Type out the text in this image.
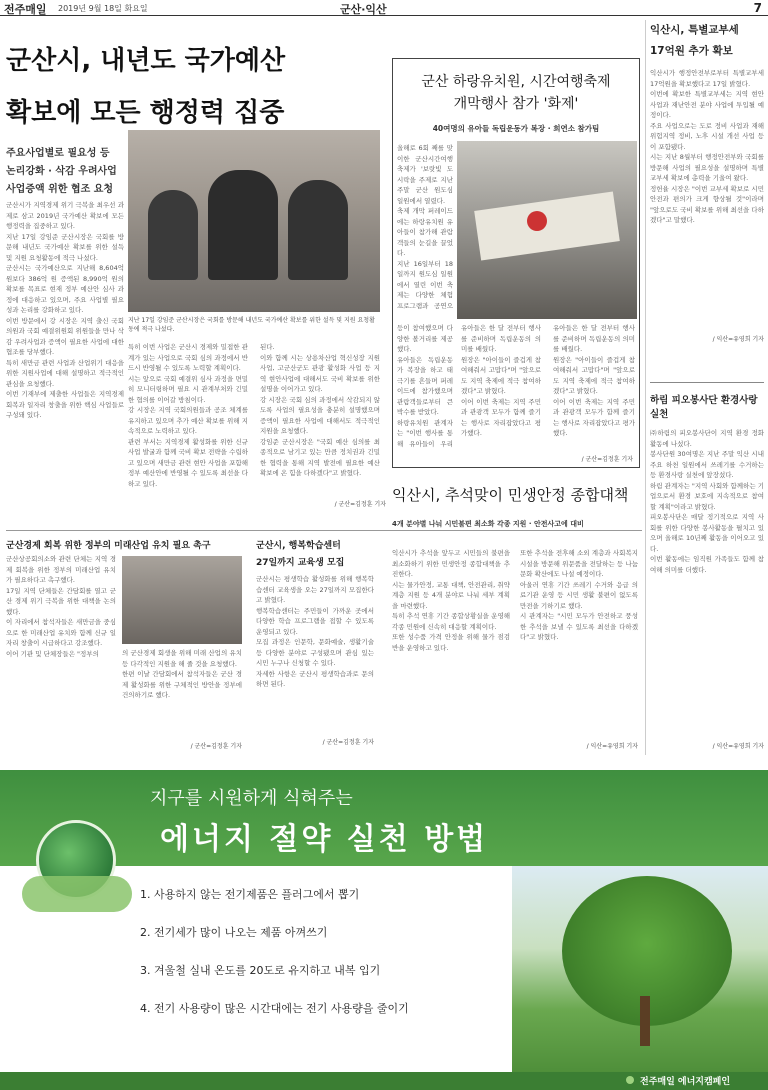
전주매일 2019년 9월 18일 화요일	군산·익산	7
군산시, 내년도 국가예산
확보에 모든 행정력 집중
주요사업별로 필요성 등
논리강화 · 삭감 우려사업
사업증액 위한 협조 요청
군산시가 지역경제 위기 극복을 최우선 과제로 삼고 2019년 국가예산 확보에 모든 행정력을 집중하고 있다.
지난 17일 강임준 군산시장은 국회를 방문해 내년도 국가예산 확보를 위한 설득 및 지원 요청활동에 적극 나섰다.
군산시는 국가예산으로 지난해 8,604억 원보다 386억 원 증액된 8,990억 원의 확보를 목표로 현재 정부 예산안 심사 과정에 대응하고 있으며, 주요 사업별 필요성과 논리를 강화하고 있다.
이번 방문에서 강 시장은 지역 출신 국회의원과 국회 예결위원회 위원들을 만나 삭감 우려사업과 증액이 필요한 사업에 대한 협조를 당부했다.
특히 새만금 관련 사업과 산업위기 대응을 위한 지원사업에 대해 설명하고 적극적인 관심을 요청했다.
이번 기재부에 제출한 사업들은 지역경제 회복과 일자리 창출을 위한 핵심 사업들로 구성돼 있다.
지난 17일 강임준 군산시장은 국회를 방문해 내년도 국가예산 확보를 위한 설득 및 지원 요청활동에 적극 나섰다.
특히 이번 사업은 군산시 경제와 밀접한 관계가 있는 사업으로 국회 심의 과정에서 반드시 반영될 수 있도록 노력할 계획이다.
시는 앞으로 국회 예결위 심사 과정을 면밀히 모니터링하며 필요 시 관계부처와 긴밀한 협의를 이어갈 방침이다.
강 시장은 지역 국회의원들과 공조 체계를 유지하고 있으며 추가 예산 확보를 위해 지속적으로 노력하고 있다.
관련 부서는 지역경제 활성화를 위한 신규 사업 발굴과 함께 국비 확보 전략을 수립하고 있으며 새만금 관련 현안 사업을 포함해 정부 예산안에 반영될 수 있도록 최선을 다하고 있다.
된다.
이와 함께 시는 상용차산업 혁신성장 지원사업, 고군산군도 관광 활성화 사업 등 지역 현안사업에 대해서도 국비 확보를 위한 설명을 이어가고 있다.
강 시장은 국회 심의 과정에서 삭감되지 않도록 사업의 필요성을 충분히 설명했으며 증액이 필요한 사업에 대해서도 적극적인 지원을 요청했다.
강임준 군산시장은 "국회 예산 심의를 최종적으로 남기고 있는 만큼 정치권과 긴밀한 협력을 통해 지역 발전에 필요한 예산 확보에 온 힘을 다하겠다"고 밝혔다.
/ 군산=김정훈 기자
군산 하랑유치원, 시간여행축제
개막행사 참가 '화제'
40여명의 유아들 독립운동가 복장 · 희연소 참가팀
올해로 6회 째를 맞이한 군산시간여행축제가 '보랏빛 도시락을 주제로 지난 주말 군산 원도심 일원에서 열렸다.
축제 개막 퍼레이드에는 하랑유치원 유아들이 참가해 관람객들의 눈길을 끌었다.
지난 16일부터 18일까지 원도심 일원에서 열린 이번 축제는 다양한 체험 프로그램과 공연으
등이 참여했으며 다양한 볼거리를 제공했다.
유아들은 독립운동가 복장을 하고 태극기를 흔들며 퍼레이드에 참가했으며 관람객들로부터 큰 박수를 받았다.
하랑유치원 관계자는 "이번 행사를 통해 유아들이 우리
유아들은 한 달 전부터 행사를 준비하며 독립운동의 의미를 배웠다.
원장은 "아이들이 즐겁게 참여해줘서 고맙다"며 "앞으로도 지역 축제에 적극 참여하겠다"고 밝혔다.
이어 이번 축제는 지역 주민과 관광객 모두가 함께 즐기는 행사로 자리잡았다고 평가했다.
유아들은 한 달 전부터 행사를 준비하며 독립운동의 의미를 배웠다.
원장은 "아이들이 즐겁게 참여해줘서 고맙다"며 "앞으로도 지역 축제에 적극 참여하겠다"고 밝혔다.
이어 이번 축제는 지역 주민과 관광객 모두가 함께 즐기는 행사로 자리잡았다고 평가했다.
/ 군산=김정훈 기자
익산시, 특별교부세
17억원 추가 확보
익산시가 행정안전부로부터 특별교부세 17억원을 확보했다고 17일 밝혔다.
이번에 확보한 특별교부세는 지역 현안 사업과 재난안전 분야 사업에 투입될 예정이다.
주요 사업으로는 도로 정비 사업과 재해위험지역 정비, 노후 시설 개선 사업 등이 포함됐다.
시는 지난 8월부터 행정안전부와 국회를 방문해 사업의 필요성을 설명하며 특별교부세 확보에 총력을 기울여 왔다.
정헌율 시장은 "이번 교부세 확보로 시민 안전과 편의가 크게 향상될 것"이라며 "앞으로도 국비 확보를 위해 최선을 다하겠다"고 말했다.
/ 익산=유영희 기자
하림 피오봉사단 환경사랑 실천
㈜하림의 피오봉사단이 지역 환경 정화 활동에 나섰다.
봉사단원 30여명은 지난 주말 익산 시내 주요 하천 일원에서 쓰레기를 수거하는 등 환경사랑 실천에 앞장섰다.
하림 관계자는 "지역 사회와 함께하는 기업으로서 환경 보호에 지속적으로 참여할 계획"이라고 밝혔다.
피오봉사단은 매달 정기적으로 지역 사회를 위한 다양한 봉사활동을 펼치고 있으며 올해로 10년째 활동을 이어오고 있다.
이번 활동에는 임직원 가족들도 함께 참여해 의미를 더했다.
/ 익산=유영희 기자
군산경제 회복 위한 정부의 미래산업 유치 필요 촉구
군산상공회의소와 관련 단체는 지역 경제 회복을 위한 정부의 미래산업 유치가 필요하다고 촉구했다.
17일 지역 단체들은 간담회를 열고 군산 경제 위기 극복을 위한 대책을 논의했다.
이 자리에서 참석자들은 새만금을 중심으로 한 미래산업 유치와 함께 신규 일자리 창출이 시급하다고 강조했다.
이어 기관 및 단체장들은 "정부의	의 군산경제 회생을 위해 미래 산업의 유치 등 다각적인 지원을 해 줄 것을 요청했다.
한편 이날 간담회에서 참석자들은 군산 경제 활성화를 위한 구체적인 방안을 정부에 건의하기로 했다.
/ 군산=김정훈 기자
군산시, 행복학습센터
27일까지 교육생 모집
군산시는 평생학습 활성화를 위해 행복학습센터 교육생을 오는 27일까지 모집한다고 밝혔다.
행복학습센터는 주민들이 가까운 곳에서 다양한 학습 프로그램을 접할 수 있도록 운영되고 있다.
모집 과정은 인문학, 문화예술, 생활기술 등 다양한 분야로 구성됐으며 관심 있는 시민 누구나 신청할 수 있다.
자세한 사항은 군산시 평생학습과로 문의하면 된다.
/ 군산=김정훈 기자
익산시, 추석맞이 민생안정 종합대책
4개 분야별 나눠 시민불편 최소화 각종 지원 · 안전사고에 대비
익산시가 추석을 앞두고 시민들의 불편을 최소화하기 위한 민생안정 종합대책을 추진한다.
시는 물가안정, 교통 대책, 안전관리, 취약계층 지원 등 4개 분야로 나눠 세부 계획을 마련했다.
특히 추석 연휴 기간 종합상황실을 운영해 각종 민원에 신속히 대응할 계획이다.
또한 성수품 가격 안정을 위해 물가 점검반을 운영하고 있다.
또한 추석을 전후해 소외 계층과 사회복지시설을 방문해 위문품을 전달하는 등 나눔 문화 확산에도 나설 예정이다.
아울러 연휴 기간 쓰레기 수거와 응급 의료기관 운영 등 시민 생활 불편이 없도록 만전을 기하기로 했다.
시 관계자는 "시민 모두가 안전하고 풍성한 추석을 보낼 수 있도록 최선을 다하겠다"고 밝혔다.
/ 익산=유영희 기자
지구를 시원하게 식혀주는
에너지 절약 실천 방법
1. 사용하지 않는 전기제품은 플러그에서 뽑기
2. 전기세가 많이 나오는 제품 아껴쓰기
3. 겨울철 실내 온도를 20도로 유지하고 내복 입기
4. 전기 사용량이 많은 시간대에는 전기 사용량을 줄이기
전주매일 에너지캠페인
